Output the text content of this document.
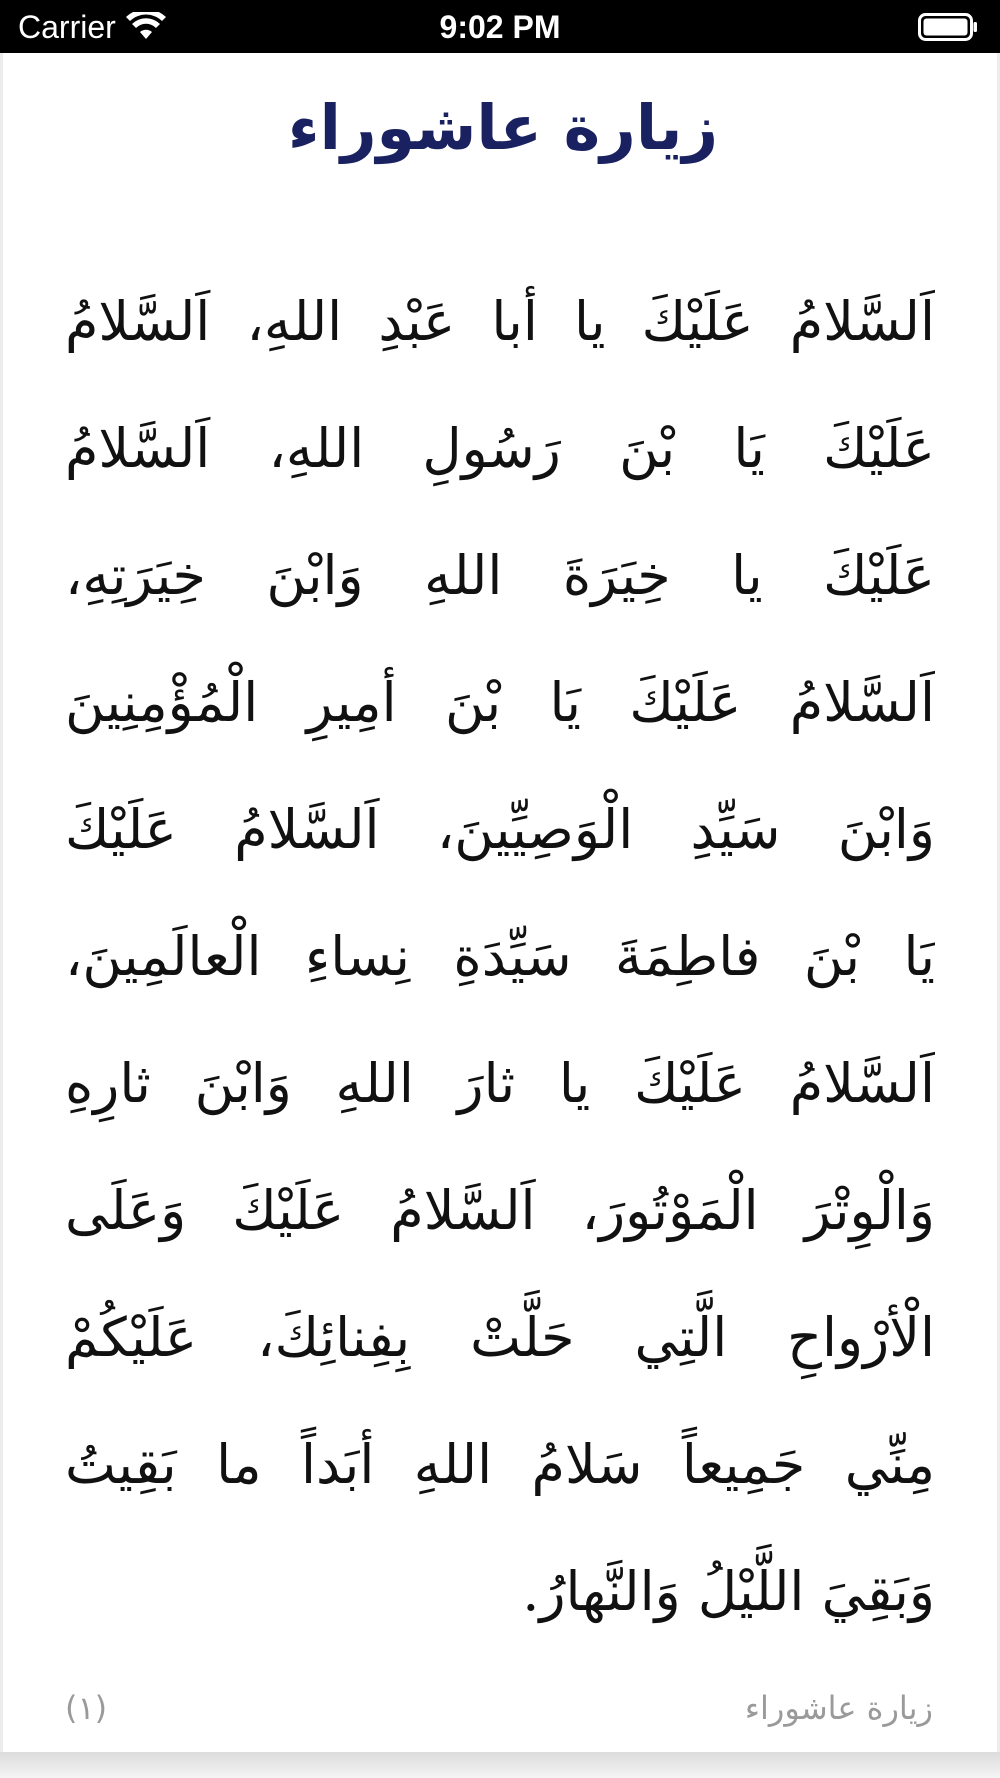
Carrier	9:02 PM
زيارة عاشوراء
اَلسَّلامُ عَلَيْكَ يا أبا عَبْدِ اللهِ، اَلسَّلامُ
عَلَيْكَ يَا بْنَ رَسُولِ اللهِ، اَلسَّلامُ
عَلَيْكَ يا خِيَرَةَ اللهِ وَابْنَ خِيَرَتِهِ،
اَلسَّلامُ عَلَيْكَ يَا بْنَ أمِيرِ الْمُؤْمِنِينَ
وَابْنَ سَيِّدِ الْوَصِيِّينَ، اَلسَّلامُ عَلَيْكَ
يَا بْنَ فاطِمَةَ سَيِّدَةِ نِساءِ الْعالَمِينَ،
اَلسَّلامُ عَلَيْكَ يا ثارَ اللهِ وَابْنَ ثارِهِ
وَالْوِتْرَ الْمَوْتُورَ، اَلسَّلامُ عَلَيْكَ وَعَلَى
الْأرْواحِ الَّتِي حَلَّتْ بِفِنائِكَ، عَلَيْكُمْ
مِنِّي جَمِيعاً سَلامُ اللهِ أبَداً ما بَقِيتُ
وَبَقِيَ اللَّيْلُ وَالنَّهارُ.
زيارة عاشوراء
(١)
